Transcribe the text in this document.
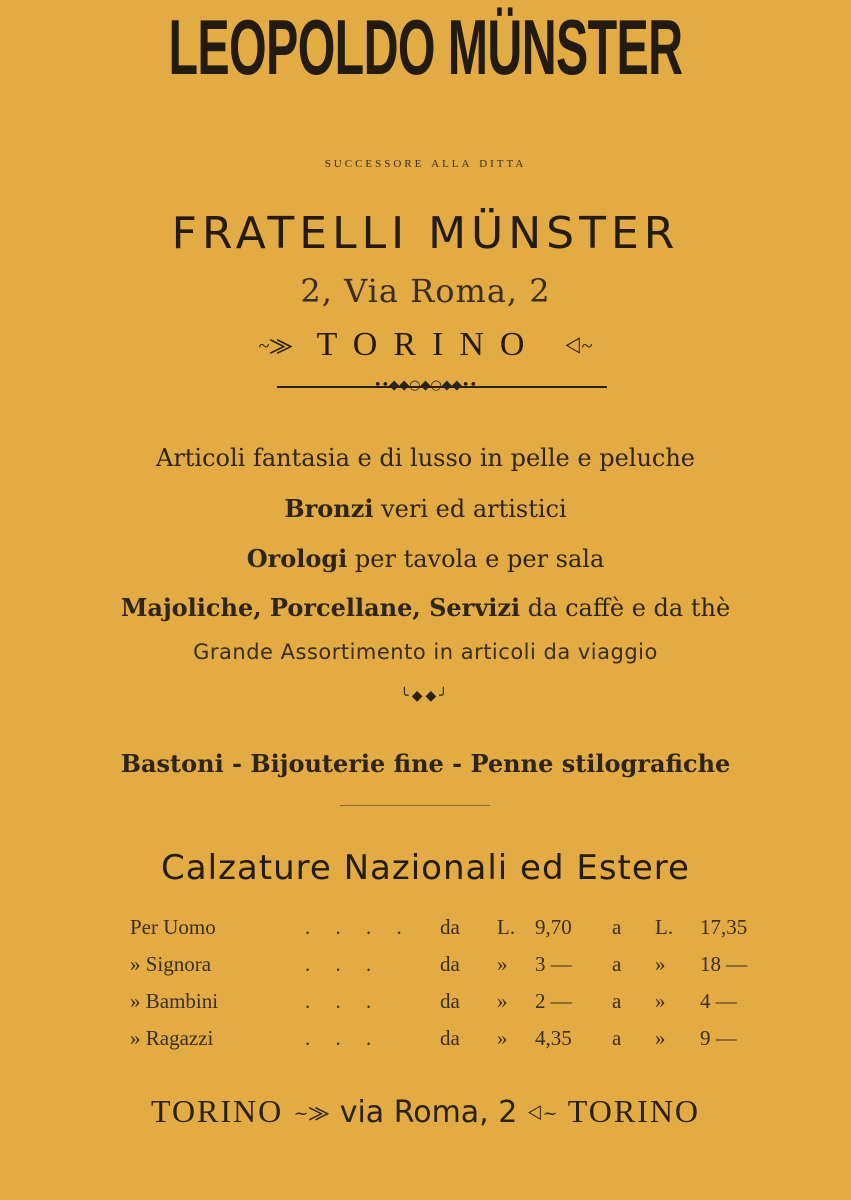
LEOPOLDO MÜNSTER
successore alla ditta
FRATELLI MÜNSTER
2, Via Roma, 2
~⨠ TORINO ⨞~
••◆◆○◆○◆◆••
Articoli fantasia e di lusso in pelle e peluche
Bronzi veri ed artistici
Orologi per tavola e per sala
Majoliche, Porcellane, Servizi da caffè e da thè
Grande Assortimento in articoli da viaggio
╰◆◆╯
Bastoni - Bijouterie fine - Penne stilografiche
Calzature Nazionali ed Estere
Per Uomo	. . . . da L. 9,70 a L. 17,35
» Signora	. . .	da » 3 — a » 18 —
» Bambini	. . .	da » 2 — a » 4 —
» Ragazzi	. . .	da » 4,35 a » 9 —
TORINO ~⨠ via Roma, 2 ⨞~ TORINO
